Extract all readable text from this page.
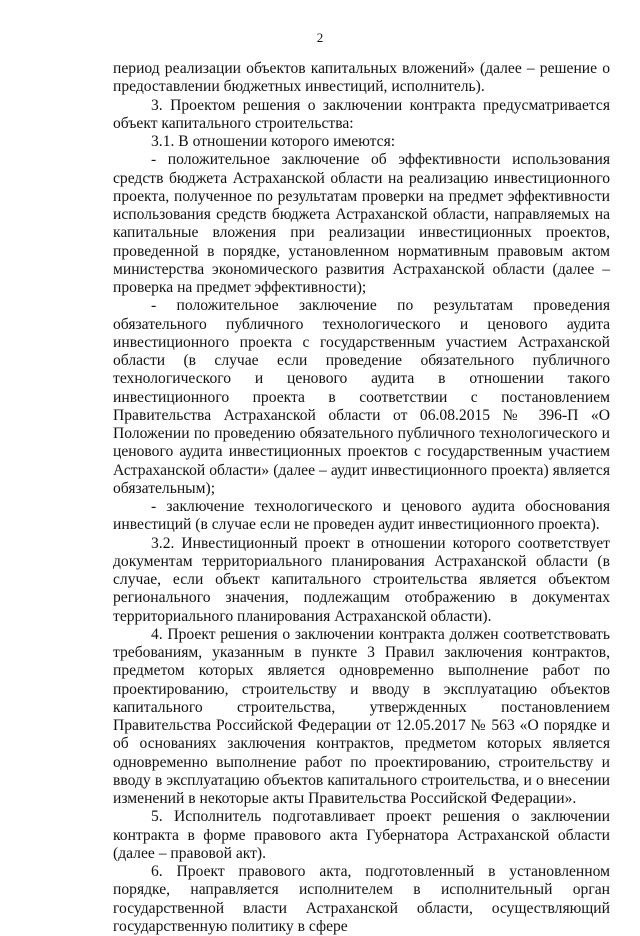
2

период реализации объектов капитальных вложений» (далее – решение о предоставлении бюджетных инвестиций, исполнитель).

3. Проектом решения о заключении контракта предусматривается объект капитального строительства:

3.1. В отношении которого имеются:

- положительное заключение об эффективности использования средств бюджета Астраханской области на реализацию инвестиционного проекта, полученное по результатам проверки на предмет эффективности использования средств бюджета Астраханской области, направляемых на капитальные вложения при реализации инвестиционных проектов, проведенной в порядке, установленном нормативным правовым актом министерства экономического развития Астраханской области (далее – проверка на предмет эффективности);

- положительное заключение по результатам проведения обязательного публичного технологического и ценового аудита инвестиционного проекта с государственным участием Астраханской области (в случае если проведение обязательного публичного технологического и ценового аудита в отношении такого инвестиционного проекта в соответствии с постановлением Правительства Астраханской области от 06.08.2015 № 396-П «О Положении по проведению обязательного публичного технологического и ценового аудита инвестиционных проектов с государственным участием Астраханской области» (далее – аудит инвестиционного проекта) является обязательным);

- заключение технологического и ценового аудита обоснования инвестиций (в случае если не проведен аудит инвестиционного проекта).

3.2. Инвестиционный проект в отношении которого соответствует документам территориального планирования Астраханской области (в случае, если объект капитального строительства является объектом регионального значения, подлежащим отображению в документах территориального планирования Астраханской области).

4. Проект решения о заключении контракта должен соответствовать требованиям, указанным в пункте 3 Правил заключения контрактов, предметом которых является одновременно выполнение работ по проектированию, строительству и вводу в эксплуатацию объектов капитального строительства, утвержденных постановлением Правительства Российской Федерации от 12.05.2017 № 563 «О порядке и об основаниях заключения контрактов, предметом которых является одновременно выполнение работ по проектированию, строительству и вводу в эксплуатацию объектов капитального строительства, и о внесении изменений в некоторые акты Правительства Российской Федерации».

5. Исполнитель подготавливает проект решения о заключении контракта в форме правового акта Губернатора Астраханской области (далее – правовой акт).

6. Проект правового акта, подготовленный в установленном порядке, направляется исполнителем в исполнительный орган государственной власти Астраханской области, осуществляющий государственную политику в сфере
